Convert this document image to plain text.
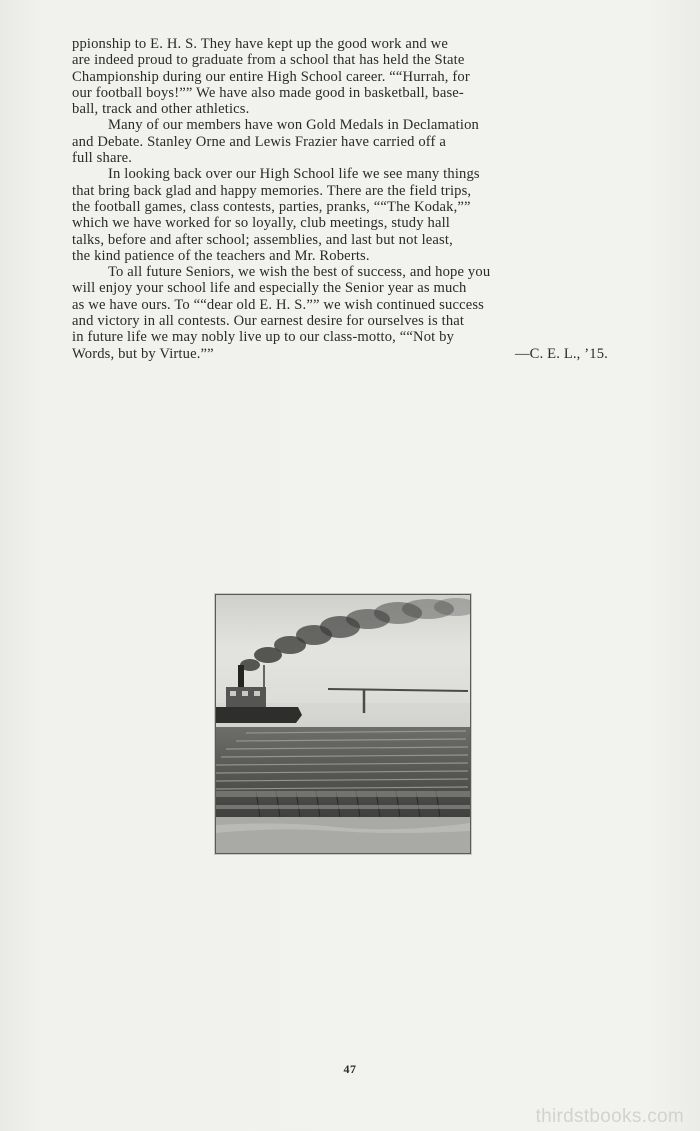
ppionship to E. H. S. They have kept up the good work and we
are indeed proud to graduate from a school that has held the State
Championship during our entire High School career. ““Hurrah, for
our football boys!”” We have also made good in basketball, base-
ball, track and other athletics.

Many of our members have won Gold Medals in Declamation
and Debate. Stanley Orne and Lewis Frazier have carried off a
full share.

In looking back over our High School life we see many things
that bring back glad and happy memories. There are the field trips,
the football games, class contests, parties, pranks, ““The Kodak,””
which we have worked for so loyally, club meetings, study hall
talks, before and after school; assemblies, and last but not least,
the kind patience of the teachers and Mr. Roberts.

To all future Seniors, we wish the best of success, and hope you
will enjoy your school life and especially the Senior year as much
as we have ours. To ““dear old E. H. S.”” we wish continued success
and victory in all contests. Our earnest desire for ourselves is that
in future life we may nobly live up to our class-motto, ““Not by
Words, but by Virtue.””	—C. E. L., ’15.

47
thirdstbooks.com
